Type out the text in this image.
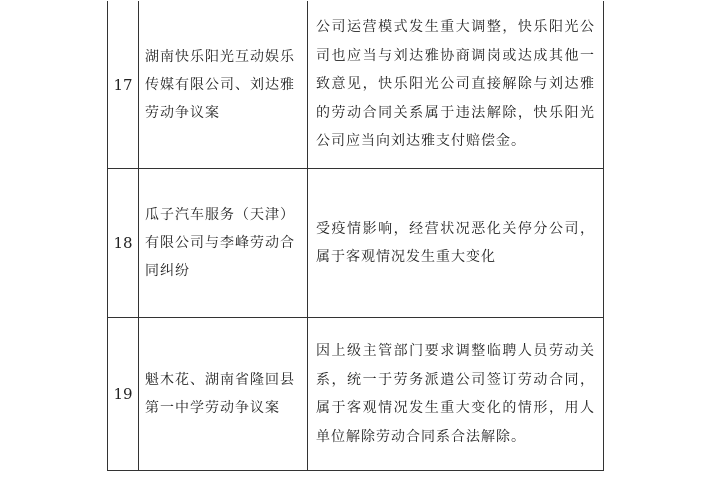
17	湖南快乐阳光互动娱乐传媒有限公司、刘达雅劳动争议案	公司运营模式发生重大调整，快乐阳光公司也应当与刘达雅协商调岗或达成其他一致意见，快乐阳光公司直接解除与刘达雅的劳动合同关系属于违法解除，快乐阳光公司应当向刘达雅支付赔偿金。
18	瓜子汽车服务（天津）有限公司与李峰劳动合同纠纷	受疫情影响，经营状况恶化关停分公司，属于客观情况发生重大变化
19	魁木花、湖南省隆回县第一中学劳动争议案	因上级主管部门要求调整临聘人员劳动关系，统一于劳务派遣公司签订劳动合同，属于客观情况发生重大变化的情形，用人单位解除劳动合同系合法解除。
